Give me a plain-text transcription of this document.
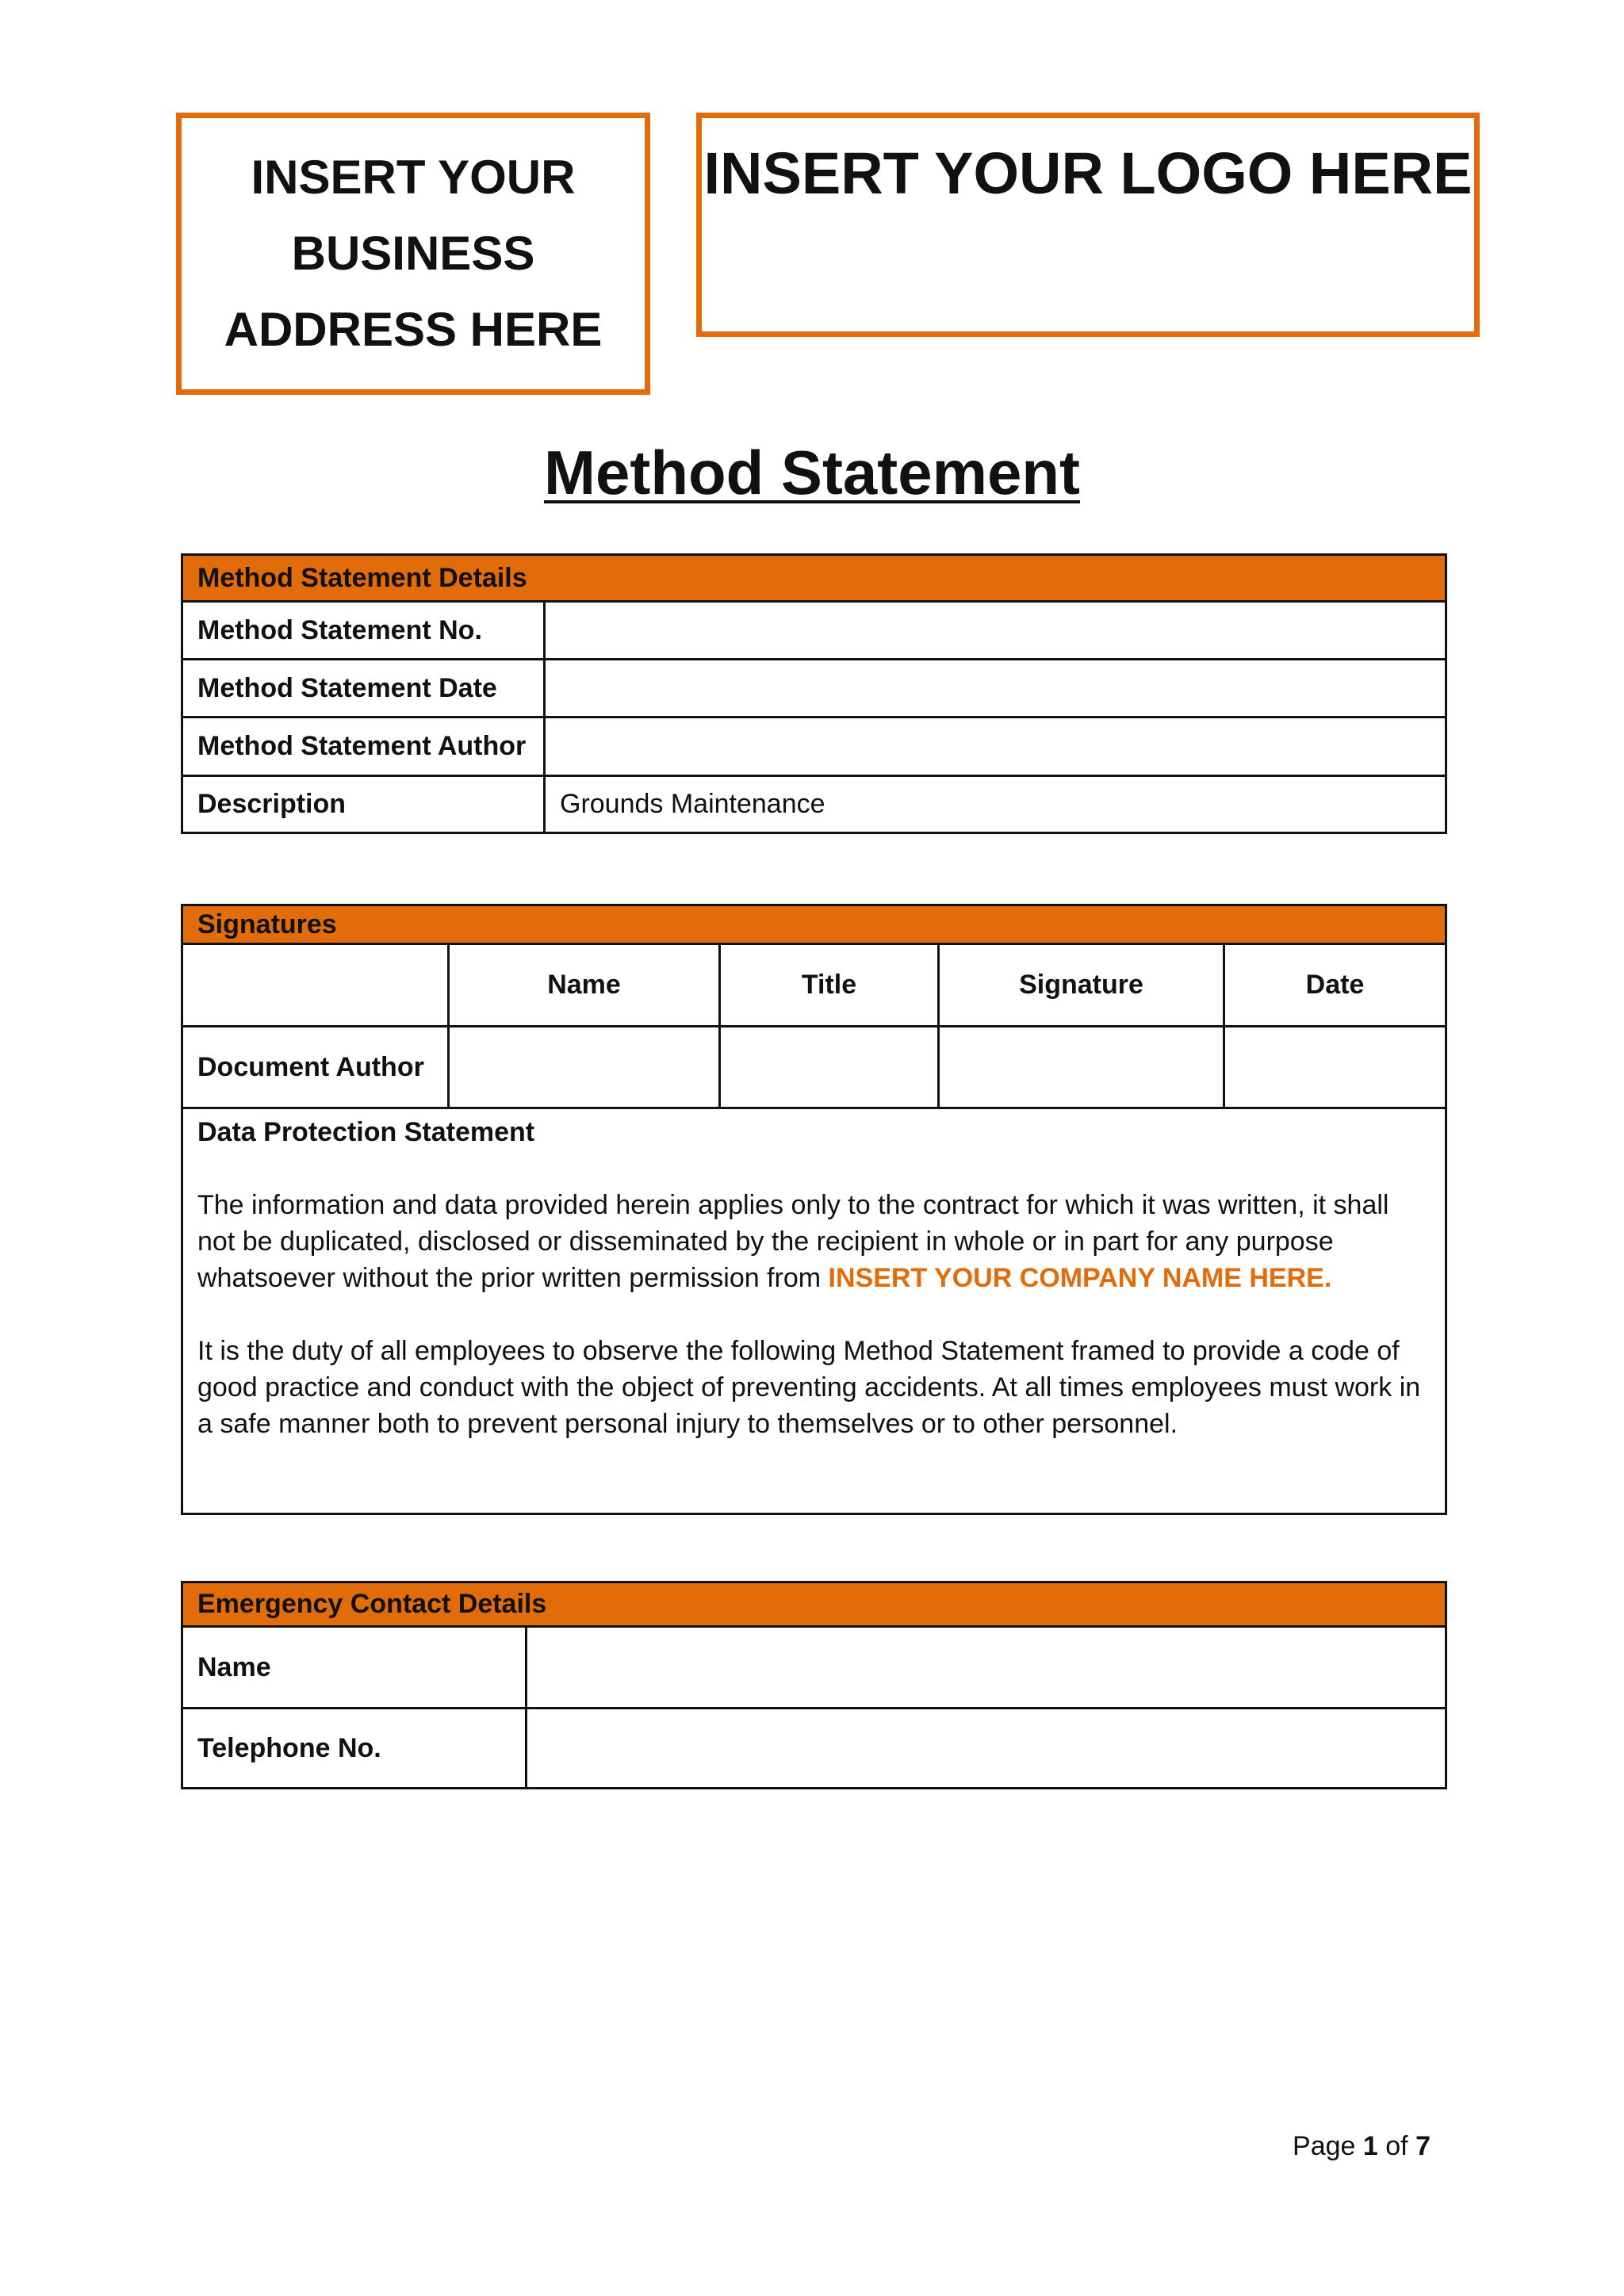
INSERT YOUR
BUSINESS
ADDRESS HERE
INSERT YOUR LOGO HERE
Method Statement
Method Statement Details	
Method Statement No.	
Method Statement Date	
Method Statement Author	
Description	Grounds Maintenance
Signatures				
	Name	Title	Signature	Date
Document Author				

Data Protection Statement
The information and data provided herein applies only to the contract for which it was written, it shall not be duplicated, disclosed or disseminated by the recipient in whole or in part for any purpose whatsoever without the prior written permission from INSERT YOUR COMPANY NAME HERE.
It is the duty of all employees to observe the following Method Statement framed to provide a code of good practice and conduct with the object of preventing accidents. At all times employees must work in a safe manner both to prevent personal injury to themselves or to other personnel.				
Emergency Contact Details	
Name	
Telephone No.	
Page 1 of 7
